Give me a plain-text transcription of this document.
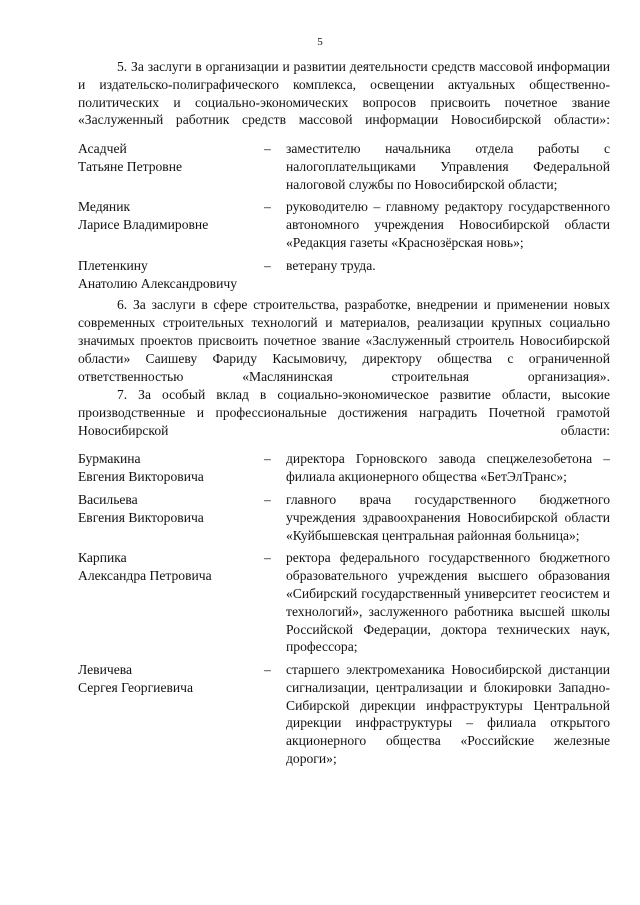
5

5. За заслуги в организации и развитии деятельности средств массовой информации и издательско-полиграфического комплекса, освещении актуальных общественно-политических и социально-экономических вопросов присвоить почетное звание «Заслуженный работник средств массовой информации Новосибирской области»:

Асадчей
Татьяне Петровне
–	заместителю начальника отдела работы с налогоплательщиками Управления Федеральной налоговой службы по Новосибирской области;
Медяник
Ларисе Владимировне
–	руководителю – главному редактору государственного автономного учреждения Новосибирской области «Редакция газеты «Краснозёрская новь»;
Плетенкину
Анатолию Александровичу
–	ветерану труда.

6. За заслуги в сфере строительства, разработке, внедрении и применении новых современных строительных технологий и материалов, реализации крупных социально значимых проектов присвоить почетное звание «Заслуженный строитель Новосибирской области» Саишеву Фариду Касымовичу, директору общества с ограниченной ответственностью «Маслянинская строительная организация».

7. За особый вклад в социально-экономическое развитие области, высокие производственные и профессиональные достижения наградить Почетной грамотой Новосибирской области:

Бурмакина
Евгения Викторовича
–	директора Горновского завода спецжелезобетона – филиала акционерного общества «БетЭлТранс»;
Васильева
Евгения Викторовича
–	главного врача государственного бюджетного учреждения здравоохранения Новосибирской области «Куйбышевская центральная районная больница»;
Карпика
Александра Петровича
–	ректора федерального государственного бюджетного образовательного учреждения высшего образования «Сибирский государственный университет геосистем и технологий», заслуженного работника высшей школы Российской Федерации, доктора технических наук, профессора;
Левичева
Сергея Георгиевича
–	старшего электромеханика Новосибирской дистанции сигнализации, централизации и блокировки Западно-Сибирской дирекции инфраструктуры Центральной дирекции инфраструктуры – филиала открытого акционерного общества «Российские железные дороги»;
